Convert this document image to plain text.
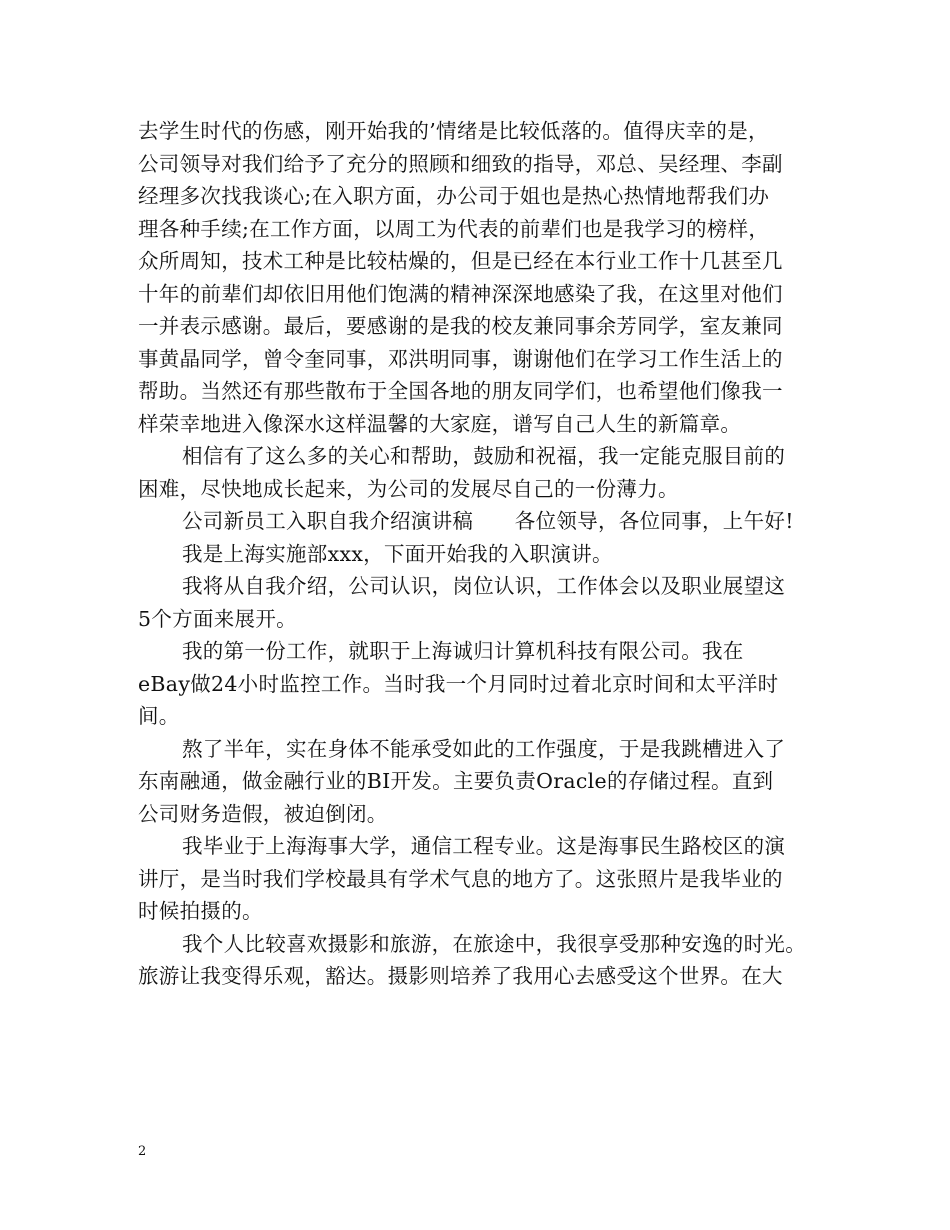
去学生时代的伤感，刚开始我的’情绪是比较低落的。值得庆幸的是，

公司领导对我们给予了充分的照顾和细致的指导，邓总、吴经理、李副

经理多次找我谈心;在入职方面，办公司于姐也是热心热情地帮我们办

理各种手续;在工作方面，以周工为代表的前辈们也是我学习的榜样，

众所周知，技术工种是比较枯燥的，但是已经在本行业工作十几甚至几

十年的前辈们却依旧用他们饱满的精神深深地感染了我，在这里对他们

一并表示感谢。最后，要感谢的是我的校友兼同事余芳同学，室友兼同

事黄晶同学，曾令奎同事，邓洪明同事，谢谢他们在学习工作生活上的

帮助。当然还有那些散布于全国各地的朋友同学们，也希望他们像我一

样荣幸地进入像深水这样温馨的大家庭，谱写自己人生的新篇章。

相信有了这么多的关心和帮助，鼓励和祝福，我一定能克服目前的

困难，尽快地成长起来，为公司的发展尽自己的一份薄力。

公司新员工入职自我介绍演讲稿　　各位领导，各位同事，上午好!

我是上海实施部xxx，下面开始我的入职演讲。

我将从自我介绍，公司认识，岗位认识，工作体会以及职业展望这

5个方面来展开。

我的第一份工作，就职于上海诚归计算机科技有限公司。我在

eBay做24小时监控工作。当时我一个月同时过着北京时间和太平洋时

间。

熬了半年，实在身体不能承受如此的工作强度，于是我跳槽进入了

东南融通，做金融行业的BI开发。主要负责Oracle的存储过程。直到

公司财务造假，被迫倒闭。

我毕业于上海海事大学，通信工程专业。这是海事民生路校区的演

讲厅，是当时我们学校最具有学术气息的地方了。这张照片是我毕业的

时候拍摄的。

我个人比较喜欢摄影和旅游，在旅途中，我很享受那种安逸的时光。

旅游让我变得乐观，豁达。摄影则培养了我用心去感受这个世界。在大

2
